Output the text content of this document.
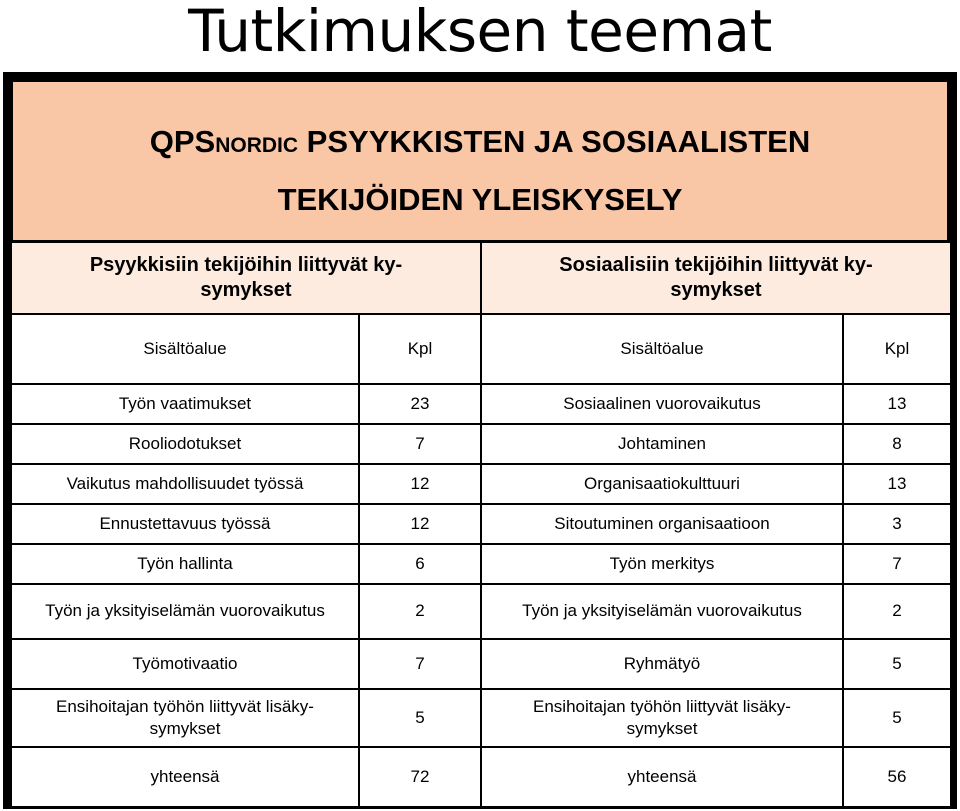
Tutkimuksen teemat
QPSNORDIC PSYYKKISTEN JA SOSIAALISTEN
TEKIJÖIDEN YLEISKYSELY
Psyykkisiin tekijöihin liittyvät ky-symykset		Sosiaalisiin tekijöihin liittyvät ky-symykset	

Sisältöalue	Kpl	Sisältöalue	Kpl
Työn vaatimukset	23	Sosiaalinen vuorovaikutus	13
Rooliodotukset	7	Johtaminen	8
Vaikutus mahdollisuudet työssä	12	Organisaatiokulttuuri	13
Ennustettavuus työssä	12	Sitoutuminen organisaatioon	3
Työn hallinta	6	Työn merkitys	7
Työn ja yksityiselämän vuorovaikutus	2	Työn ja yksityiselämän vuorovaikutus	2
Työmotivaatio	7	Ryhmätyö	5

Ensihoitajan työhön liittyvät lisäky-symykset	5	Ensihoitajan työhön liittyvät lisäky-symykset	5
yhteensä	72	yhteensä	56
